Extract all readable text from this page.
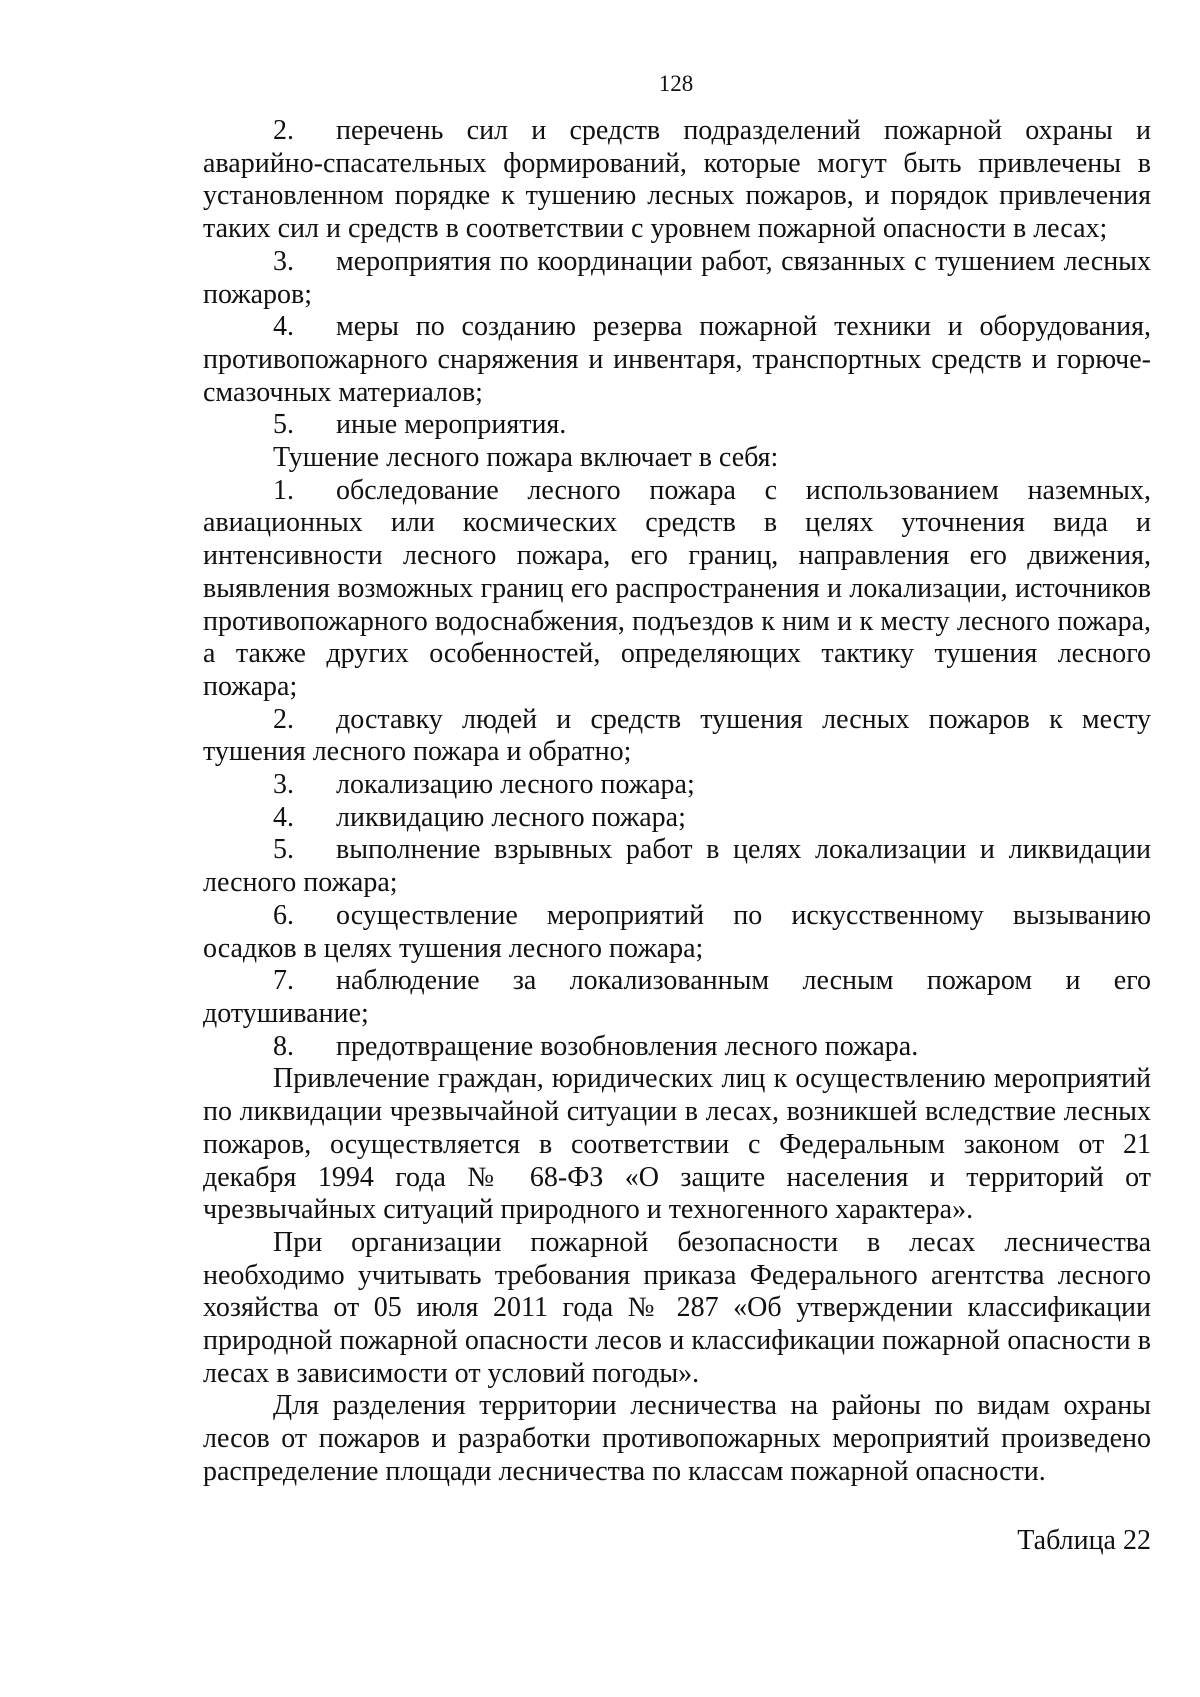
128

2.   перечень сил и средств подразделений пожарной охраны и аварийно-спасательных формирований, которые могут быть привлечены в установленном порядке к тушению лесных пожаров, и порядок привлечения таких сил и средств в соответствии с уровнем пожарной опасности в лесах;

3.   мероприятия по координации работ, связанных с тушением лесных пожаров;

4.   меры по созданию резерва пожарной техники и оборудования, противопожарного снаряжения и инвентаря, транспортных средств и горюче-смазочных материалов;

5.   иные мероприятия.

Тушение лесного пожара включает в себя:

1.   обследование лесного пожара с использованием наземных, авиационных или космических средств в целях уточнения вида и интенсивности лесного пожара, его границ, направления его движения, выявления возможных границ его распространения и локализации, источников противопожарного водоснабжения, подъездов к ним и к месту лесного пожара, а также других особенностей, определяющих тактику тушения лесного пожара;

2.   доставку людей и средств тушения лесных пожаров к месту тушения лесного пожара и обратно;

3.   локализацию лесного пожара;

4.   ликвидацию лесного пожара;

5.   выполнение взрывных работ в целях локализации и ликвидации лесного пожара;

6.   осуществление мероприятий по искусственному вызыванию осадков в целях тушения лесного пожара;

7.   наблюдение за локализованным лесным пожаром и его дотушивание;

8.   предотвращение возобновления лесного пожара.

Привлечение граждан, юридических лиц к осуществлению мероприятий по ликвидации чрезвычайной ситуации в лесах, возникшей вследствие лесных пожаров, осуществляется в соответствии с Федеральным законом от 21 декабря 1994 года № 68-ФЗ «О защите населения и территорий от чрезвычайных ситуаций природного и техногенного характера».

При организации пожарной безопасности в лесах лесничества необходимо учитывать требования приказа Федерального агентства лесного хозяйства от 05 июля 2011 года № 287 «Об утверждении классификации природной пожарной опасности лесов и классификации пожарной опасности в лесах в зависимости от условий погоды».

Для разделения территории лесничества на районы по видам охраны лесов от пожаров и разработки противопожарных мероприятий произведено распределение площади лесничества по классам пожарной опасности.

Таблица 22
